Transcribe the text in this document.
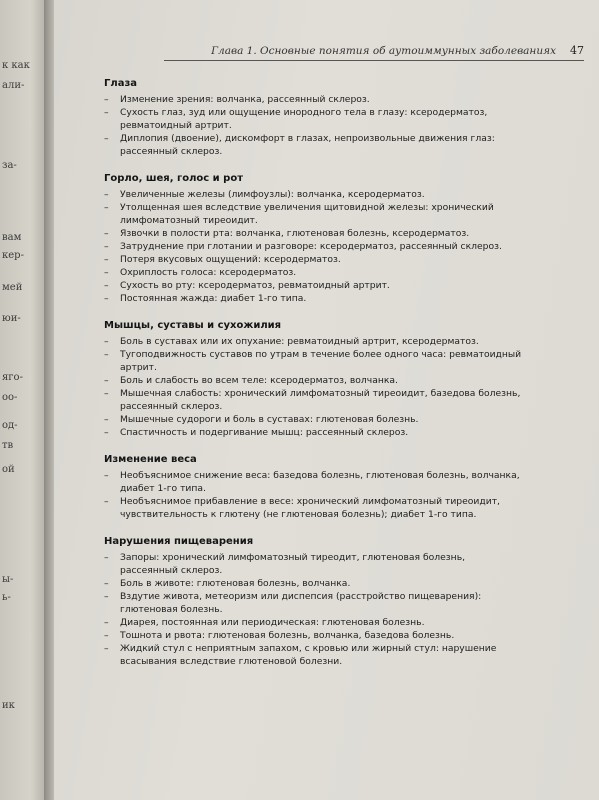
к как
али-
за-
вам
кер-
мей
юи-
яго-
оо-
од-
тв
ой
ы-
ь-
ик
Глава 1. Основные понятия об аутоиммунных заболеваниях 47
Глаза
–	Изменение зрения: волчанка, рассеянный склероз.
–	Сухость глаз, зуд или ощущение инородного тела в глазу: ксеродерматоз, ревматоидный артрит.
–	Диплопия (двоение), дискомфорт в глазах, непроизвольные движения глаз: рассеянный склероз.
Горло, шея, голос и рот
–	Увеличенные железы (лимфоузлы): волчанка, ксеродерматоз.
–	Утолщенная шея вследствие увеличения щитовидной железы: хронический лимфоматозный тиреоидит.
–	Язвочки в полости рта: волчанка, глютеновая болезнь, ксеродерматоз.
–	Затруднение при глотании и разговоре: ксеродерматоз, рассеянный склероз.
–	Потеря вкусовых ощущений: ксеродерматоз.
–	Охриплость голоса: ксеродерматоз.
–	Сухость во рту: ксеродерматоз, ревматоидный артрит.
–	Постоянная жажда: диабет 1-го типа.
Мышцы, суставы и сухожилия
–	Боль в суставах или их опухание: ревматоидный артрит, ксеродерматоз.
–	Тугоподвижность суставов по утрам в течение более одного часа: ревматоидный артрит.
–	Боль и слабость во всем теле: ксеродерматоз, волчанка.
–	Мышечная слабость: хронический лимфоматозный тиреоидит, базедова болезнь, рассеянный склероз.
–	Мышечные судороги и боль в суставах: глютеновая болезнь.
–	Спастичность и подергивание мышц: рассеянный склероз.
Изменение веса
–	Необъяснимое снижение веса: базедова болезнь, глютеновая болезнь, волчанка, диабет 1-го типа.
–	Необъяснимое прибавление в весе: хронический лимфоматозный тиреоидит, чувствительность к глютену (не глютеновая болезнь); диабет 1-го типа.
Нарушения пищеварения
–	Запоры: хронический лимфоматозный тиреодит, глютеновая болезнь, рассеянный склероз.
–	Боль в животе: глютеновая болезнь, волчанка.
–	Вздутие живота, метеоризм или диспепсия (расстройство пищеварения): глютеновая болезнь.
–	Диарея, постоянная или периодическая: глютеновая болезнь.
–	Тошнота и рвота: глютеновая болезнь, волчанка, базедова болезнь.
–	Жидкий стул с неприятным запахом, с кровью или жирный стул: нарушение всасывания вследствие глютеновой болезни.
